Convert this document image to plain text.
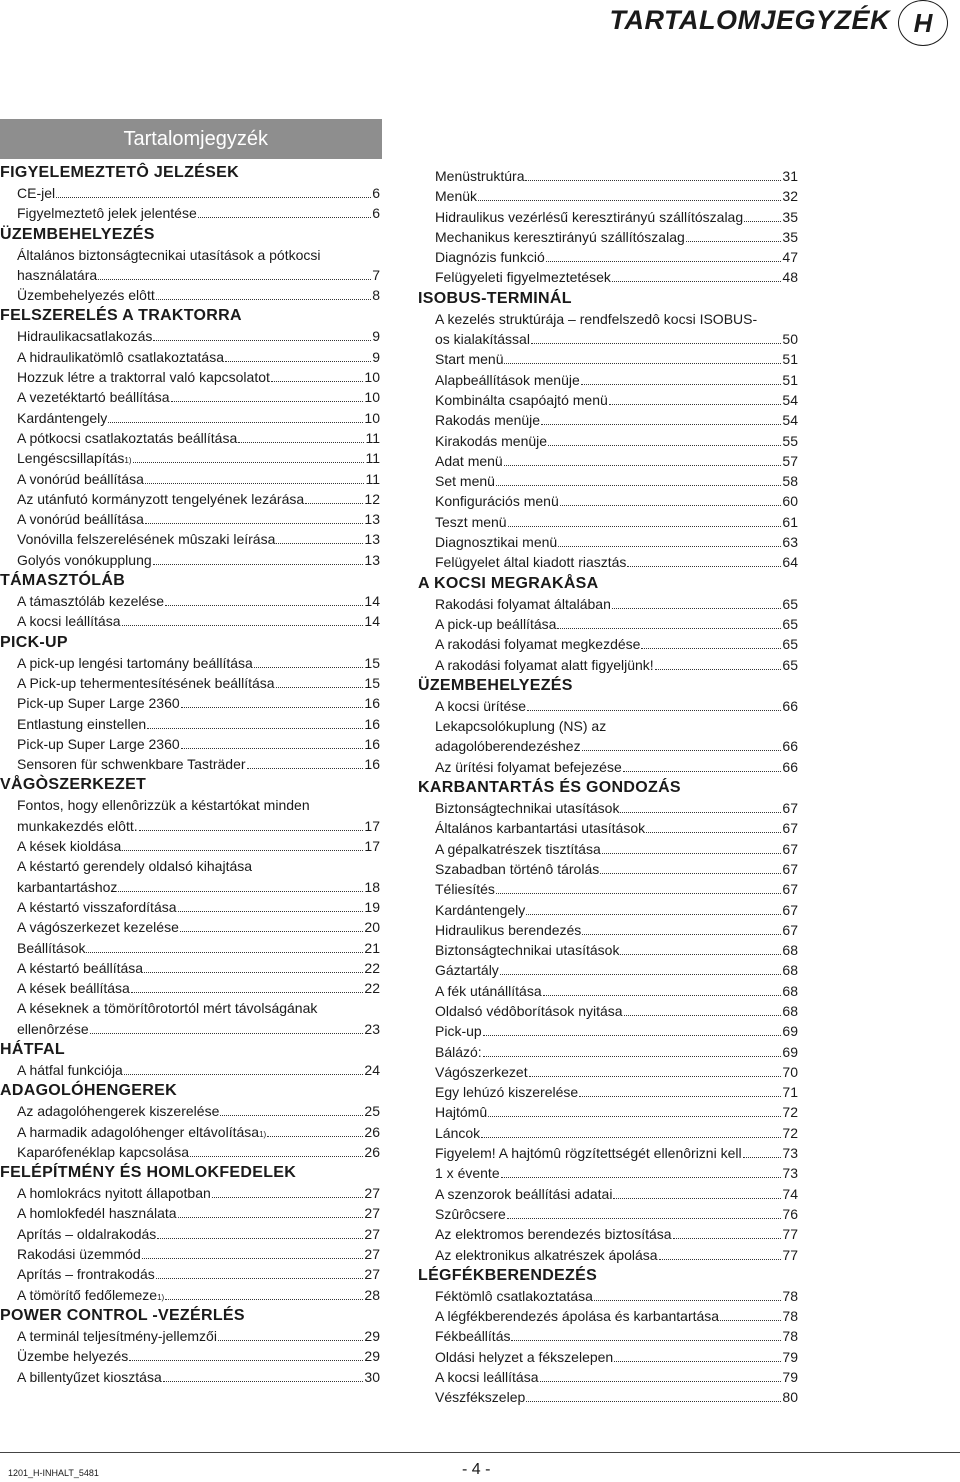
TARTALOMJEGYZÉK H
Tartalomjegyzék
FIGYELEMEZTETÔ JELZÉSEK
CE-jel	6
Figyelmeztetô jelek jelentése	6
ÜZEMBEHELYEZÉS
Általános biztonságtecnikai utasítások a pótkocsi
használatára	7
Üzembehelyezés elôtt	8
FELSZERELÉS A TRAKTORRA
Hidraulikacsatlakozás	9
A hidraulikatömlô csatlakoztatása	9
Hozzuk létre a traktorral való kapcsolatot	10
A vezetéktartó beállítása	10
Kardántengely	10
A pótkocsi csatlakoztatás beállítása	11
Lengéscsillapítás$_{1)}$	11
A vonórúd beállítása	11
Az utánfutó kormányzott tengelyének lezárása	12
A vonórúd beállítása	13
Vonóvilla felszerelésének mûszaki leírása	13
Golyós vonókupplung	13
TÁMASZTÓLÁB
A támasztóláb kezelése	14
A kocsi leállítása	14
PICK-UP
A pick-up lengési tartomány beállítása	15
A Pick-up tehermentesítésének beállítása	15
Pick-up Super Large 2360	16
Entlastung einstellen	16
Pick-up Super Large 2360	16
Sensoren für schwenkbare Tasträder	16
VÅGÒSZERKEZET
Fontos, hogy ellenôrizzük a késtartókat minden
munkakezdés elôtt.	17
A kések kioldása	17
A késtartó gerendely oldalsó kihajtása
karbantartáshoz	18
A késtartó visszafordítása	19
A vágószerkezet kezelése	20
Beállítások	21
A késtartó beállítása	22
A kések beállítása	22
A késeknek a tömörítôrotortól mért távolságának
ellenôrzése	23
HÁTFAL
A hátfal funkciója	24
ADAGOLÓHENGEREK
Az adagolóhengerek kiszerelése	25
A harmadik adagolóhenger eltávolítása$_{1)}$	26
Kaparófenéklap kapcsolása	26
FELÉPÍTMÉNY ÉS HOMLOKFEDELEK
A homlokrács nyitott állapotban	27
A homlokfedél használata	27
Aprítás – oldalrakodás	27
Rakodási üzemmód	27
Aprítás – frontrakodás	27
A tömörítő fedőlemeze$_{1)}$	28
POWER CONTROL -VEZÉRLÉS
A terminál teljesítmény-jellemzői	29
Üzembe helyezés	29
A billentyűzet kiosztása	30
Menüstruktúra	31
Menük	32
Hidraulikus vezérlésű keresztirányú szállítószalag	35
Mechanikus keresztirányú szállítószalag	35
Diagnózis funkció	47
Felügyeleti figyelmeztetések	48
ISOBUS-TERMINÁL
A kezelés struktúrája – rendfelszedô kocsi ISOBUS-
os kialakítással	50
Start menü	51
Alapbeállítások menüje	51
Kombinálta csapóajtó menü	54
Rakodás menüje	54
Kirakodás menüje	55
Adat menü	57
Set menü	58
Konfigurációs menü	60
Teszt menü	61
Diagnosztikai menü	63
Felügyelet által kiadott riasztás	64
A KOCSI MEGRAKÅSA
Rakodási folyamat általában	65
A pick-up beállítása	65
A rakodási folyamat megkezdése	65
A rakodási folyamat alatt figyeljünk!	65
ÜZEMBEHELYEZÉS
A kocsi ürítése	66
Lekapcsolókuplung (NS) az
adagolóberendezéshez	66
Az ürítési folyamat befejezése	66
KARBANTARTÁS ÉS GONDOZÁS
Biztonságtechnikai utasítások	67
Általános karbantartási utasítások	67
A gépalkatrészek tisztítása	67
Szabadban történô tárolás	67
Téliesítés	67
Kardántengely	67
Hidraulikus berendezés	67
Biztonságtechnikai utasítások	68
Gáztartály	68
A fék utánállítása	68
Oldalsó védôborítások nyitása	68
Pick-up	69
Bálázó:	69
Vágószerkezet	70
Egy lehúzó kiszerelése	71
Hajtómû	72
Láncok	72
Figyelem! A hajtómû rögzítettségét ellenôrizni kell	73
1 x évente	73
A szenzorok beállítási adatai	74
Szûrôcsere	76
Az elektromos berendezés biztosítása	77
Az elektronikus alkatrészek ápolása	77
LÉGFÉKBERENDEZÉS
Féktömlô csatlakoztatása	78
A légfékberendezés ápolása és karbantartása	78
Fékbeállítás	78
Oldási helyzet a fékszelepen	79
A kocsi leállítása	79
Vészfékszelep	80
1201_H-INHALT_5481	- 4 -
